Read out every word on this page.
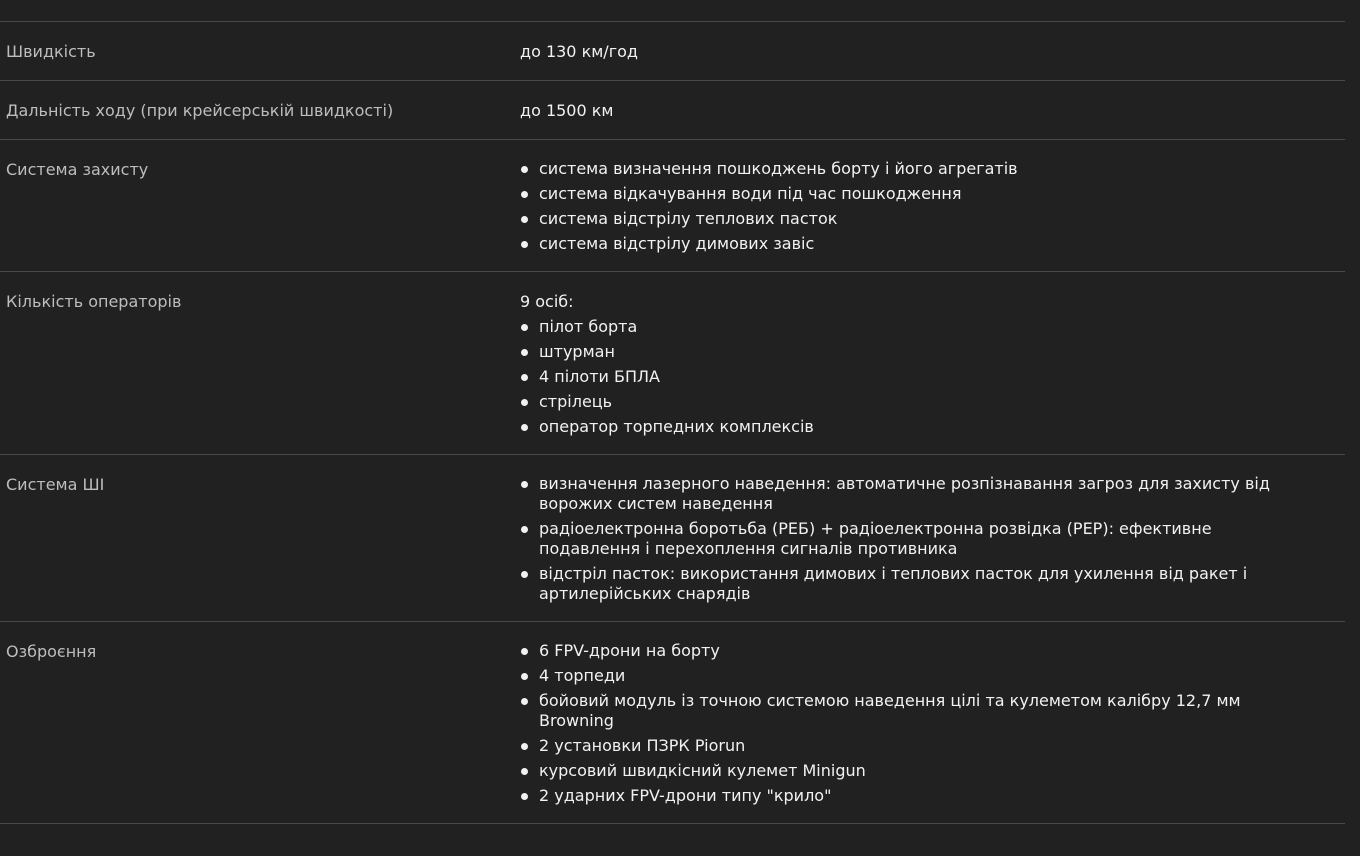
Швидкість	до 130 км/год

Дальність ходу (при крейсерській швидкості)	до 1500 км

Система захисту	система визначення пошкоджень борту і його агрегатів
система відкачування води під час пошкодження
система відстрілу теплових пасток
система відстрілу димових завіс
Кількість операторів	9 осіб:

пілот борта
штурман
4 пілоти БПЛА
стрілець
оператор торпедних комплексів
Система ШІ	визначення лазерного наведення: автоматичне розпізнавання загроз для захисту від ворожих систем наведення
радіоелектронна боротьба (РЕБ) + радіоелектронна розвідка (РЕР): ефективне подавлення і перехоплення сигналів противника
відстріл пасток: використання димових і теплових пасток для ухилення від ракет і артилерійських снарядів
Озброєння	6 FPV-дрони на борту
4 торпеди
бойовий модуль із точною системою наведення цілі та кулеметом калібру 12,7 мм Browning
2 установки ПЗРК Piorun
курсовий швидкісний кулемет Minigun
2 ударних FPV-дрони типу "крило"
